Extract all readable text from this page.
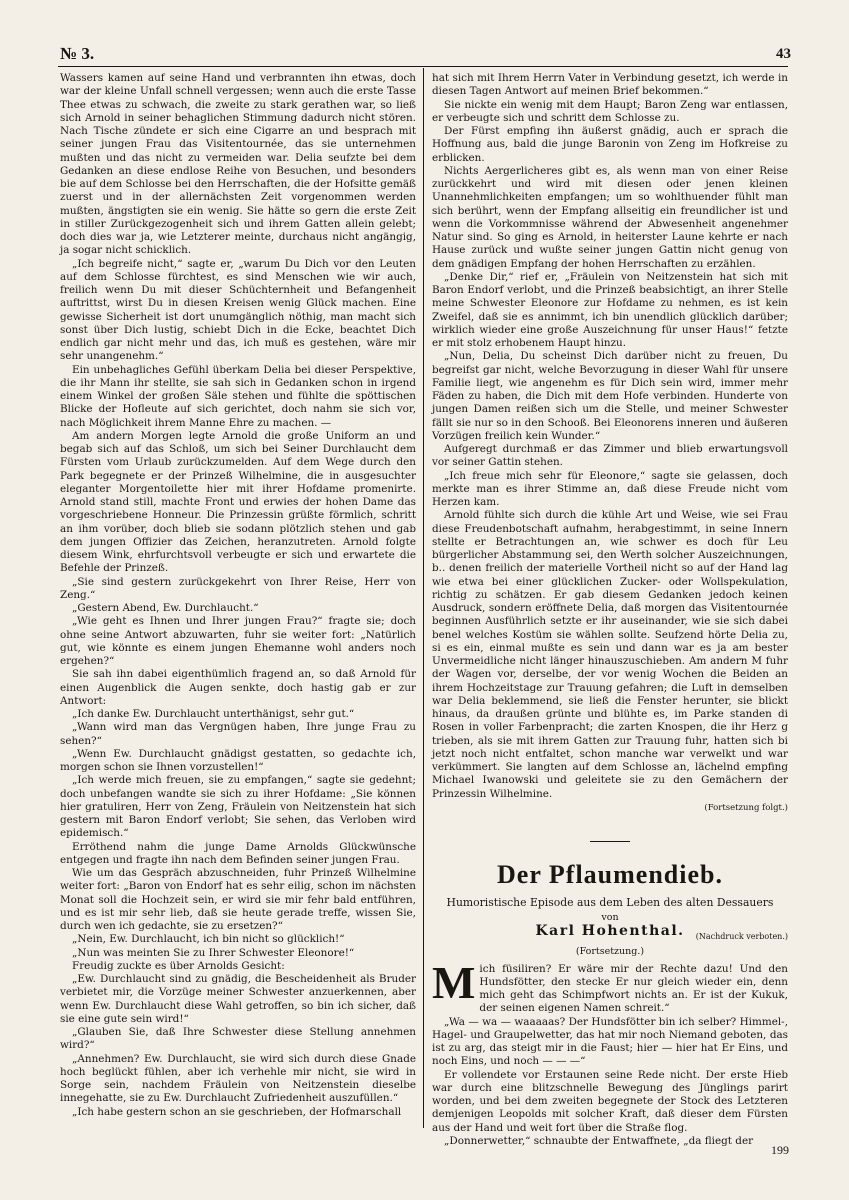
№ 3.	43

Wassers kamen auf seine Hand und verbrannten ihn etwas, doch war der kleine Unfall schnell vergessen; wenn auch die erste Tasse Thee etwas zu schwach, die zweite zu stark gerathen war, so ließ sich Arnold in seiner behaglichen Stimmung dadurch nicht stören. Nach Tische zündete er sich eine Cigarre an und besprach mit seiner jungen Frau das Visitentournée, das sie unternehmen mußten und das nicht zu vermeiden war. Delia seufzte bei dem Gedanken an diese endlose Reihe von Besuchen, und besonders bie auf dem Schlosse bei den Herrschaften, die der Hofsitte gemäß zuerst und in der allernächsten Zeit vorgenommen werden mußten, ängstigten sie ein wenig. Sie hätte so gern die erste Zeit in stiller Zurückgezogenheit sich und ihrem Gatten allein gelebt; doch dies war ja, wie Letzterer meinte, durchaus nicht angängig, ja sogar nicht schicklich.

„Ich begreife nicht,“ sagte er, „warum Du Dich vor den Leuten auf dem Schlosse fürchtest, es sind Menschen wie wir auch, freilich wenn Du mit dieser Schüchternheit und Befangenheit auftrittst, wirst Du in diesen Kreisen wenig Glück machen. Eine gewisse Sicherheit ist dort unumgänglich nöthig, man macht sich sonst über Dich lustig, schiebt Dich in die Ecke, beachtet Dich endlich gar nicht mehr und das, ich muß es gestehen, wäre mir sehr unangenehm.“

Ein unbehagliches Gefühl überkam Delia bei dieser Perspektive, die ihr Mann ihr stellte, sie sah sich in Gedanken schon in irgend einem Winkel der großen Säle stehen und fühlte die spöttischen Blicke der Hofleute auf sich gerichtet, doch nahm sie sich vor, nach Möglichkeit ihrem Manne Ehre zu machen. —

Am andern Morgen legte Arnold die große Uniform an und begab sich auf das Schloß, um sich bei Seiner Durchlaucht dem Fürsten vom Urlaub zurückzumelden. Auf dem Wege durch den Park begegnete er der Prinzeß Wilhelmine, die in ausgesuchter eleganter Morgentoilette hier mit ihrer Hofdame promenirte. Arnold stand still, machte Front und erwies der hohen Dame das vorgeschriebene Honneur. Die Prinzessin grüßte förmlich, schritt an ihm vorüber, doch blieb sie sodann plötzlich stehen und gab dem jungen Offizier das Zeichen, heranzutreten. Arnold folgte diesem Wink, ehrfurchtsvoll verbeugte er sich und erwartete die Befehle der Prinzeß.

„Sie sind gestern zurückgekehrt von Ihrer Reise, Herr von Zeng.“

„Gestern Abend, Ew. Durchlaucht.“

„Wie geht es Ihnen und Ihrer jungen Frau?“ fragte sie; doch ohne seine Antwort abzuwarten, fuhr sie weiter fort: „Natürlich gut, wie könnte es einem jungen Ehemanne wohl anders noch ergehen?“

Sie sah ihn dabei eigenthümlich fragend an, so daß Arnold für einen Augenblick die Augen senkte, doch hastig gab er zur Antwort:

„Ich danke Ew. Durchlaucht unterthänigst, sehr gut.“

„Wann wird man das Vergnügen haben, Ihre junge Frau zu sehen?“

„Wenn Ew. Durchlaucht gnädigst gestatten, so gedachte ich, morgen schon sie Ihnen vorzustellen!“

„Ich werde mich freuen, sie zu empfangen,“ sagte sie gedehnt; doch unbefangen wandte sie sich zu ihrer Hofdame: „Sie können hier gratuliren, Herr von Zeng, Fräulein von Neitzenstein hat sich gestern mit Baron Endorf verlobt; Sie sehen, das Verloben wird epidemisch.“

Erröthend nahm die junge Dame Arnolds Glückwünsche entgegen und fragte ihn nach dem Befinden seiner jungen Frau.

Wie um das Gespräch abzuschneiden, fuhr Prinzeß Wilhelmine weiter fort: „Baron von Endorf hat es sehr eilig, schon im nächsten Monat soll die Hochzeit sein, er wird sie mir fehr bald entführen, und es ist mir sehr lieb, daß sie heute gerade treffe, wissen Sie, durch wen ich gedachte, sie zu ersetzen?“

„Nein, Ew. Durchlaucht, ich bin nicht so glücklich!“

„Nun was meinten Sie zu Ihrer Schwester Eleonore!“

Freudig zuckte es über Arnolds Gesicht:

„Ew. Durchlaucht sind zu gnädig, die Bescheidenheit als Bruder verbietet mir, die Vorzüge meiner Schwester anzuerkennen, aber wenn Ew. Durchlaucht diese Wahl getroffen, so bin ich sicher, daß sie eine gute sein wird!“

„Glauben Sie, daß Ihre Schwester diese Stellung annehmen wird?“

„Annehmen? Ew. Durchlaucht, sie wird sich durch diese Gnade hoch beglückt fühlen, aber ich verhehle mir nicht, sie wird in Sorge sein, nachdem Fräulein von Neitzenstein dieselbe innegehatte, sie zu Ew. Durchlaucht Zufriedenheit auszufüllen.“

„Ich habe gestern schon an sie geschrieben, der Hofmarschall

hat sich mit Ihrem Herrn Vater in Verbindung gesetzt, ich werde in diesen Tagen Antwort auf meinen Brief bekommen.“

Sie nickte ein wenig mit dem Haupt; Baron Zeng war entlassen, er verbeugte sich und schritt dem Schlosse zu.

Der Fürst empfing ihn äußerst gnädig, auch er sprach die Hoffnung aus, bald die junge Baronin von Zeng im Hofkreise zu erblicken.

Nichts Aergerlicheres gibt es, als wenn man von einer Reise zurückkehrt und wird mit diesen oder jenen kleinen Unannehmlichkeiten empfangen; um so wohlthuender fühlt man sich berührt, wenn der Empfang allseitig ein freundlicher ist und wenn die Vorkommnisse während der Abwesenheit angenehmer Natur sind. So ging es Arnold, in heiterster Laune kehrte er nach Hause zurück und wußte seiner jungen Gattin nicht genug von dem gnädigen Empfang der hohen Herrschaften zu erzählen.

„Denke Dir,“ rief er, „Fräulein von Neitzenstein hat sich mit Baron Endorf verlobt, und die Prinzeß beabsichtigt, an ihrer Stelle meine Schwester Eleonore zur Hofdame zu nehmen, es ist kein Zweifel, daß sie es annimmt, ich bin unendlich glücklich darüber; wirklich wieder eine große Auszeichnung für unser Haus!“ fetzte er mit stolz erhobenem Haupt hinzu.

„Nun, Delia, Du scheinst Dich darüber nicht zu freuen, Du begreifst gar nicht, welche Bevorzugung in dieser Wahl für unsere Familie liegt, wie angenehm es für Dich sein wird, immer mehr Fäden zu haben, die Dich mit dem Hofe verbinden. Hunderte von jungen Damen reißen sich um die Stelle, und meiner Schwester fällt sie nur so in den Schooß. Bei Eleonorens inneren und äußeren Vorzügen freilich kein Wunder.“

Aufgeregt durchmaß er das Zimmer und blieb erwartungsvoll vor seiner Gattin stehen.

„Ich freue mich sehr für Eleonore,“ sagte sie gelassen, doch merkte man es ihrer Stimme an, daß diese Freude nicht vom Herzen kam.

Arnold fühlte sich durch die kühle Art und Weise, wie sei Frau diese Freudenbotschaft aufnahm, herabgestimmt, in seine Innern stellte er Betrachtungen an, wie schwer es doch für Leu bürgerlicher Abstammung sei, den Werth solcher Auszeichnungen, b.. denen freilich der materielle Vortheil nicht so auf der Hand lag wie etwa bei einer glücklichen Zucker- oder Wollspekulation, richtig zu schätzen. Er gab diesem Gedanken jedoch keinen Ausdruck, sondern eröffnete Delia, daß morgen das Visitentournée beginnen Ausführlich setzte er ihr auseinander, wie sie sich dabei benel welches Kostüm sie wählen sollte. Seufzend hörte Delia zu, si es ein, einmal mußte es sein und dann war es ja am bester Unvermeidliche nicht länger hinauszuschieben. Am andern M fuhr der Wagen vor, derselbe, der vor wenig Wochen die Beiden an ihrem Hochzeitstage zur Trauung gefahren; die Luft in demselben war Delia beklemmend, sie ließ die Fenster herunter, sie blickt hinaus, da draußen grünte und blühte es, im Parke standen di Rosen in voller Farbenpracht; die zarten Knospen, die ihr Herz g trieben, als sie mit ihrem Gatten zur Trauung fuhr, hatten sich bi jetzt noch nicht entfaltet, schon manche war verwelkt und war verkümmert. Sie langten auf dem Schlosse an, lächelnd empfing Michael Iwanowski und geleitete sie zu den Gemächern der Prinzessin Wilhelmine.

(Fortsetzung folgt.)
Der Pflaumendieb.
Humoristische Episode aus dem Leben des alten Dessauers
von
Karl Hohenthal. (Nachdruck verboten.)
(Fortsetzung.)

Mich füsiliren? Er wäre mir der Rechte dazu! Und den Hundsfötter, den stecke Er nur gleich wieder ein, denn mich geht das Schimpfwort nichts an. Er ist der Kukuk, der seinen eigenen Namen schreit.“

„Wa — wa — waaaaas? Der Hundsfötter bin ich selber? Himmel-, Hagel- und Graupelwetter, das hat mir noch Niemand geboten, das ist zu arg, das steigt mir in die Faust; hier — hier hat Er Eins, und noch Eins, und noch — — —“

Er vollendete vor Erstaunen seine Rede nicht. Der erste Hieb war durch eine blitzschnelle Bewegung des Jünglings parirt worden, und bei dem zweiten begegnete der Stock des Letzteren demjenigen Leopolds mit solcher Kraft, daß dieser dem Fürsten aus der Hand und weit fort über die Straße flog.

„Donnerwetter,“ schnaubte der Entwaffnete, „da fliegt der

199
